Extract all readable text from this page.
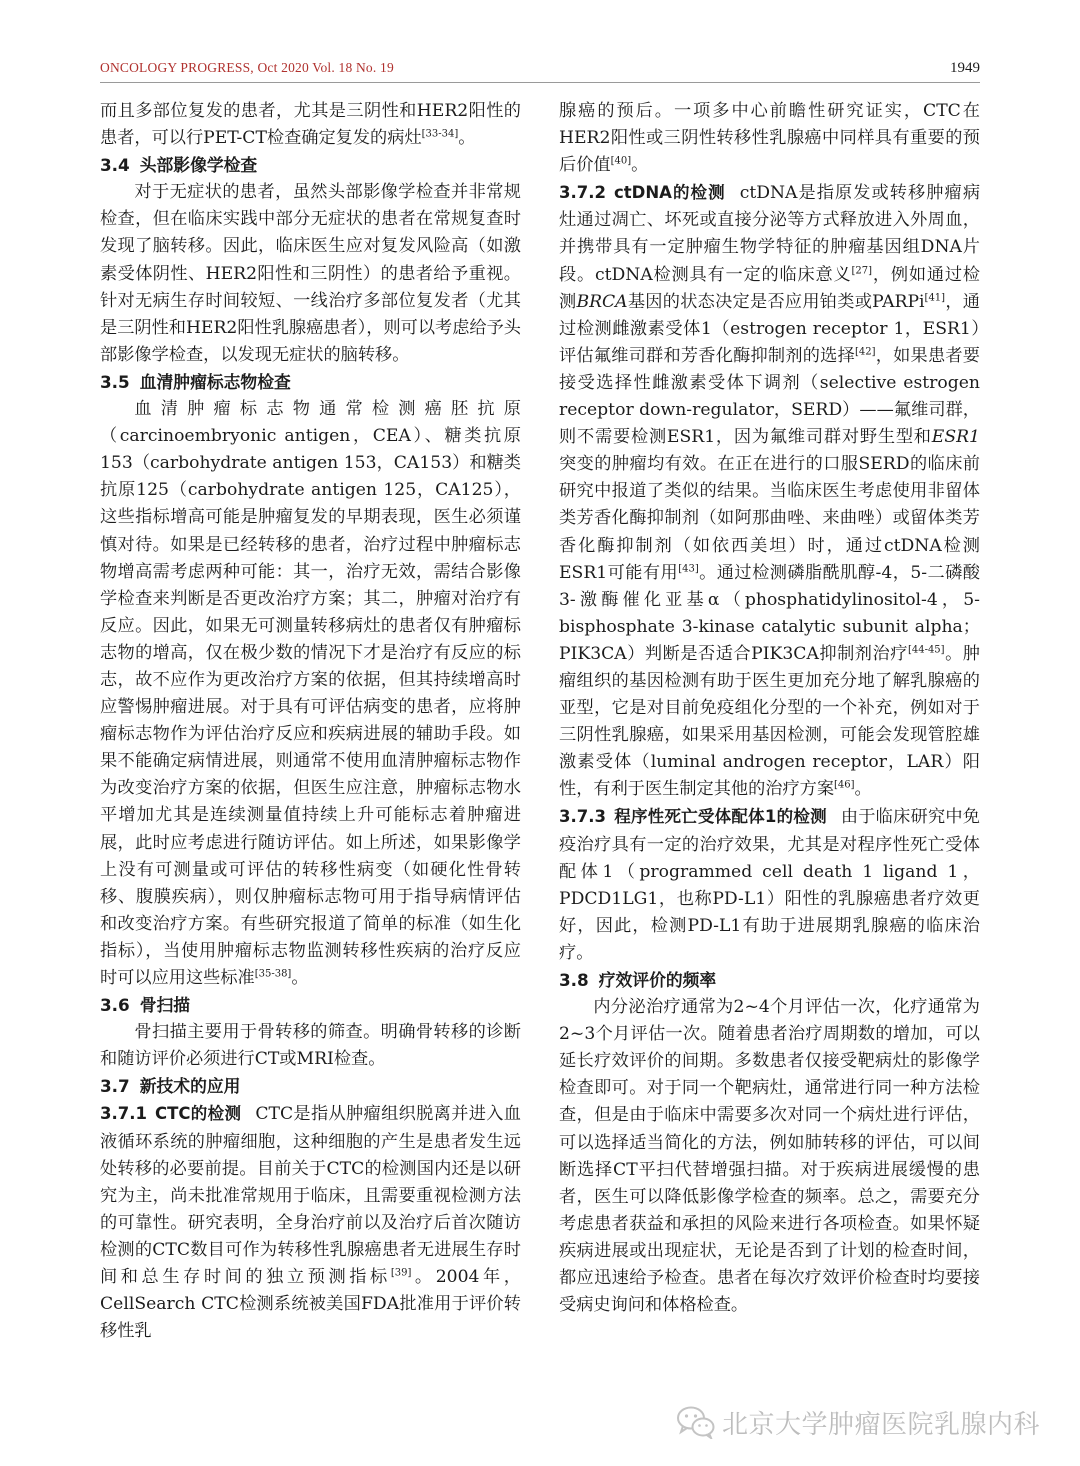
ONCOLOGY PROGRESS, Oct 2020 Vol. 18 No. 19	1949

而且多部位复发的患者，尤其是三阴性和HER2阳性的患者，可以行PET-CT检查确定复发的病灶[33-34]。

3.4 头部影像学检查

对于无症状的患者，虽然头部影像学检查并非常规检查，但在临床实践中部分无症状的患者在常规复查时发现了脑转移。因此，临床医生应对复发风险高（如激素受体阴性、HER2阳性和三阴性）的患者给予重视。针对无病生存时间较短、一线治疗多部位复发者（尤其是三阴性和HER2阳性乳腺癌患者），则可以考虑给予头部影像学检查，以发现无症状的脑转移。

3.5 血清肿瘤标志物检查

血清肿瘤标志物通常检测癌胚抗原（carcinoembryonic antigen，CEA）、糖类抗原153（carbohydrate antigen 153，CA153）和糖类抗原125（carbohydrate antigen 125，CA125），这些指标增高可能是肿瘤复发的早期表现，医生必须谨慎对待。如果是已经转移的患者，治疗过程中肿瘤标志物增高需考虑两种可能：其一，治疗无效，需结合影像学检查来判断是否更改治疗方案；其二，肿瘤对治疗有反应。因此，如果无可测量转移病灶的患者仅有肿瘤标志物的增高，仅在极少数的情况下才是治疗有反应的标志，故不应作为更改治疗方案的依据，但其持续增高时应警惕肿瘤进展。对于具有可评估病变的患者，应将肿瘤标志物作为评估治疗反应和疾病进展的辅助手段。如果不能确定病情进展，则通常不使用血清肿瘤标志物作为改变治疗方案的依据，但医生应注意，肿瘤标志物水平增加尤其是连续测量值持续上升可能标志着肿瘤进展，此时应考虑进行随访评估。如上所述，如果影像学上没有可测量或可评估的转移性病变（如硬化性骨转移、腹膜疾病），则仅肿瘤标志物可用于指导病情评估和改变治疗方案。有些研究报道了简单的标准（如生化指标），当使用肿瘤标志物监测转移性疾病的治疗反应时可以应用这些标准[35-38]。

3.6 骨扫描

骨扫描主要用于骨转移的筛查。明确骨转移的诊断和随访评价必须进行CT或MRI检查。

3.7 新技术的应用

3.7.1 CTC的检测 CTC是指从肿瘤组织脱离并进入血液循环系统的肿瘤细胞，这种细胞的产生是患者发生远处转移的必要前提。目前关于CTC的检测国内还是以研究为主，尚未批准常规用于临床，且需要重视检测方法的可靠性。研究表明，全身治疗前以及治疗后首次随访检测的CTC数目可作为转移性乳腺癌患者无进展生存时间和总生存时间的独立预测指标[39]。2004年，CellSearch CTC检测系统被美国FDA批准用于评价转移性乳

腺癌的预后。一项多中心前瞻性研究证实，CTC在HER2阳性或三阴性转移性乳腺癌中同样具有重要的预后价值[40]。

3.7.2 ctDNA的检测 ctDNA是指原发或转移肿瘤病灶通过凋亡、坏死或直接分泌等方式释放进入外周血，并携带具有一定肿瘤生物学特征的肿瘤基因组DNA片段。ctDNA检测具有一定的临床意义[27]，例如通过检测BRCA基因的状态决定是否应用铂类或PARPi[41]，通过检测雌激素受体1（estrogen receptor 1，ESR1）评估氟维司群和芳香化酶抑制剂的选择[42]，如果患者要接受选择性雌激素受体下调剂（selective estrogen receptor down-regulator，SERD）——氟维司群，则不需要检测ESR1，因为氟维司群对野生型和ESR1突变的肿瘤均有效。在正在进行的口服SERD的临床前研究中报道了类似的结果。当临床医生考虑使用非留体类芳香化酶抑制剂（如阿那曲唑、来曲唑）或留体类芳香化酶抑制剂（如依西美坦）时，通过ctDNA检测ESR1可能有用[43]。通过检测磷脂酰肌醇-4，5-二磷酸3-激酶催化亚基α（phosphatidylinositol-4，5-bisphosphate 3-kinase catalytic subunit alpha；PIK3CA）判断是否适合PIK3CA抑制剂治疗[44-45]。肿瘤组织的基因检测有助于医生更加充分地了解乳腺癌的亚型，它是对目前免疫组化分型的一个补充，例如对于三阴性乳腺癌，如果采用基因检测，可能会发现管腔雄激素受体（luminal androgen receptor，LAR）阳性，有利于医生制定其他的治疗方案[46]。

3.7.3 程序性死亡受体配体1的检测 由于临床研究中免疫治疗具有一定的治疗效果，尤其是对程序性死亡受体配体1（programmed cell death 1 ligand 1，PDCD1LG1，也称PD-L1）阳性的乳腺癌患者疗效更好，因此，检测PD-L1有助于进展期乳腺癌的临床治疗。

3.8 疗效评价的频率

内分泌治疗通常为2~4个月评估一次，化疗通常为2~3个月评估一次。随着患者治疗周期数的增加，可以延长疗效评价的间期。多数患者仅接受靶病灶的影像学检查即可。对于同一个靶病灶，通常进行同一种方法检查，但是由于临床中需要多次对同一个病灶进行评估，可以选择适当简化的方法，例如肺转移的评估，可以间断选择CT平扫代替增强扫描。对于疾病进展缓慢的患者，医生可以降低影像学检查的频率。总之，需要充分考虑患者获益和承担的风险来进行各项检查。如果怀疑疾病进展或出现症状，无论是否到了计划的检查时间，都应迅速给予检查。患者在每次疗效评价检查时均要接受病史询问和体格检查。

北京大学肿瘤医院乳腺内科
